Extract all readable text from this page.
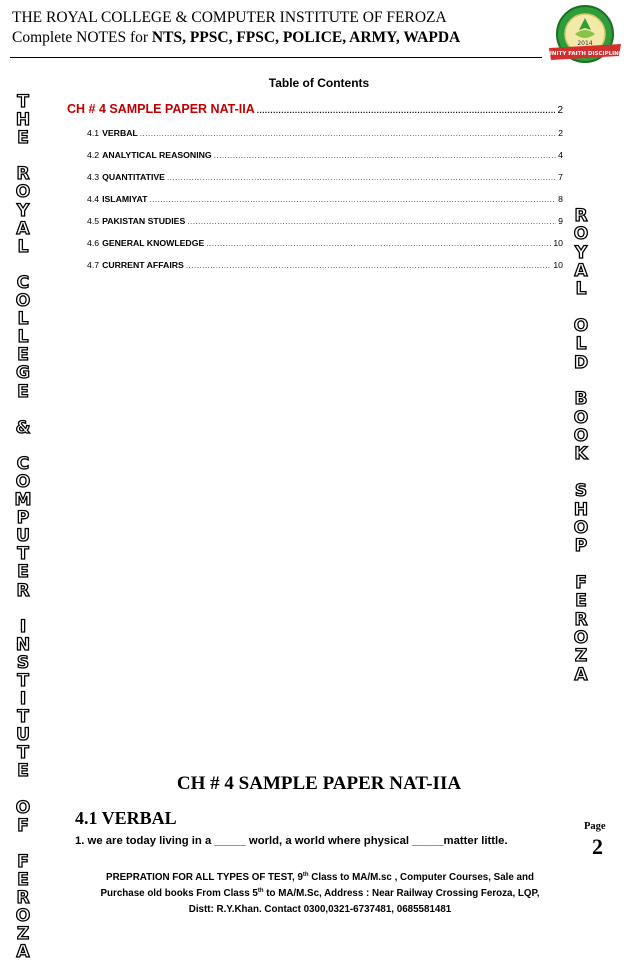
THE ROYAL COLLEGE & COMPUTER INSTITUTE OF FEROZA
Complete NOTES for NTS, PPSC, FPSC, POLICE, ARMY, WAPDA	2014
UNITY FAITH DISCIPLINE
Table of Contents
CH # 4 SAMPLE PAPER NAT-IIA .....	2
4.1 VERBAL .....	2
4.2 ANALYTICAL REASONING .....	4
4.3 QUANTITATIVE .....	7
4.4 ISLAMIYAT .....	8
4.5 PAKISTAN STUDIES .....	9
4.6 GENERAL KNOWLEDGE .....	10
4.7 CURRENT AFFAIRS .....	10
T
H
E
R
O
Y
A
L
C
O
L
L
E
G
E
&
C
O
M
P
U
T
E
R
I
N
S
T
I
T
U
T
E
O
F
F
E
R
O
Z
A
R
O
Y
A
L
O
L
D
B
O
O
K
S
H
O
P
F
E
R
O
Z
A
CH # 4 SAMPLE PAPER NAT-IIA
4.1 VERBAL
1. we are today living in a _____ world, a world where physical _____matter little.
Page
2
PREPRATION FOR ALL TYPES OF TEST, 9th Class to MA/M.sc , Computer Courses, Sale and
Purchase old books From Class 5th to MA/M.Sc, Address : Near Railway Crossing Feroza, LQP,
Distt: R.Y.Khan. Contact 0300,0321-6737481, 0685581481
